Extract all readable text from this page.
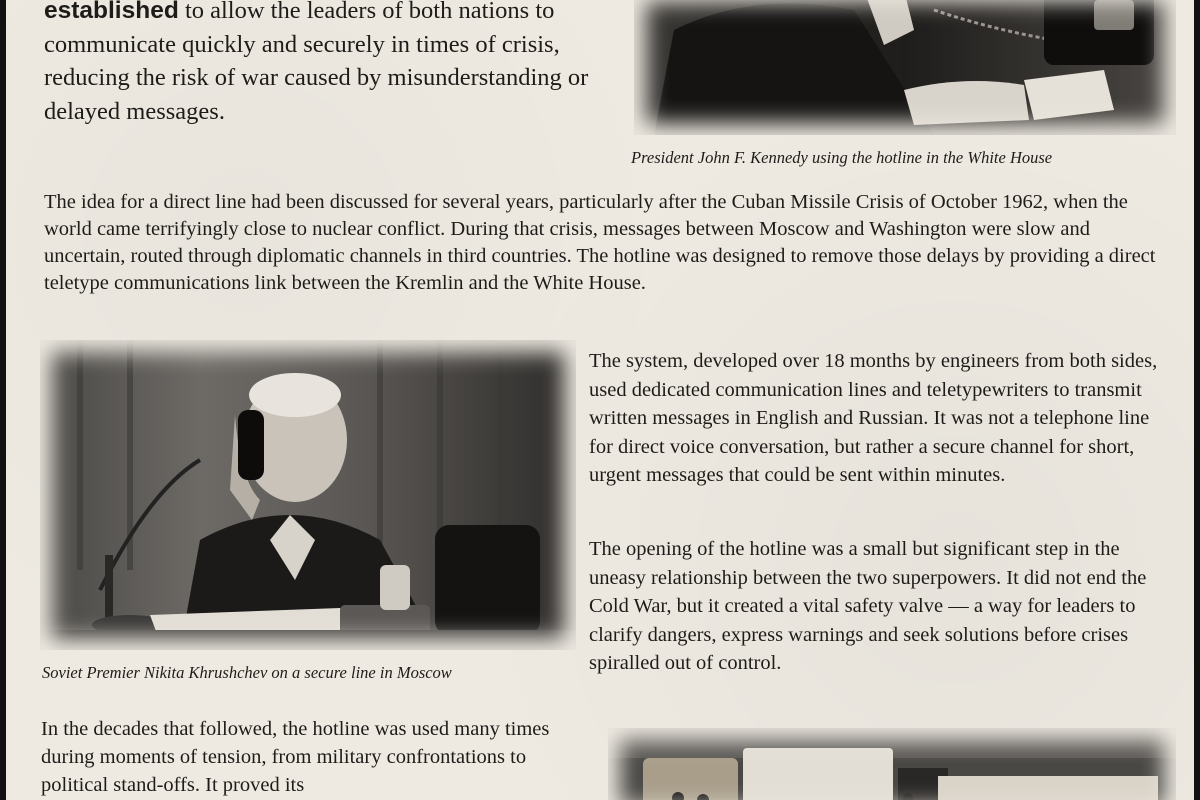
established to allow the leaders of both nations to communicate quickly and securely in times of crisis, reducing the risk of war caused by misunderstanding or delayed messages.

President John F. Kennedy using the hotline in the White House

The idea for a direct line had been discussed for several years, particularly after the Cuban Missile Crisis of October 1962, when the world came terrifyingly close to nuclear conflict. During that crisis, messages between Moscow and Washington were slow and uncertain, routed through diplomatic channels in third countries. The hotline was designed to remove those delays by providing a direct teletype communications link between the Kremlin and the White House.

Soviet Premier Nikita Khrushchev on a secure line in Moscow

The system, developed over 18 months by engineers from both sides, used dedicated communication lines and teletypewriters to transmit written messages in English and Russian. It was not a telephone line for direct voice conversation, but rather a secure channel for short, urgent messages that could be sent within minutes.

The opening of the hotline was a small but significant step in the uneasy relationship between the two superpowers. It did not end the Cold War, but it created a vital safety valve — a way for leaders to clarify dangers, express warnings and seek solutions before crises spiralled out of control.

In the decades that followed, the hotline was used many times during moments of tension, from military confrontations to political stand-offs. It proved its
